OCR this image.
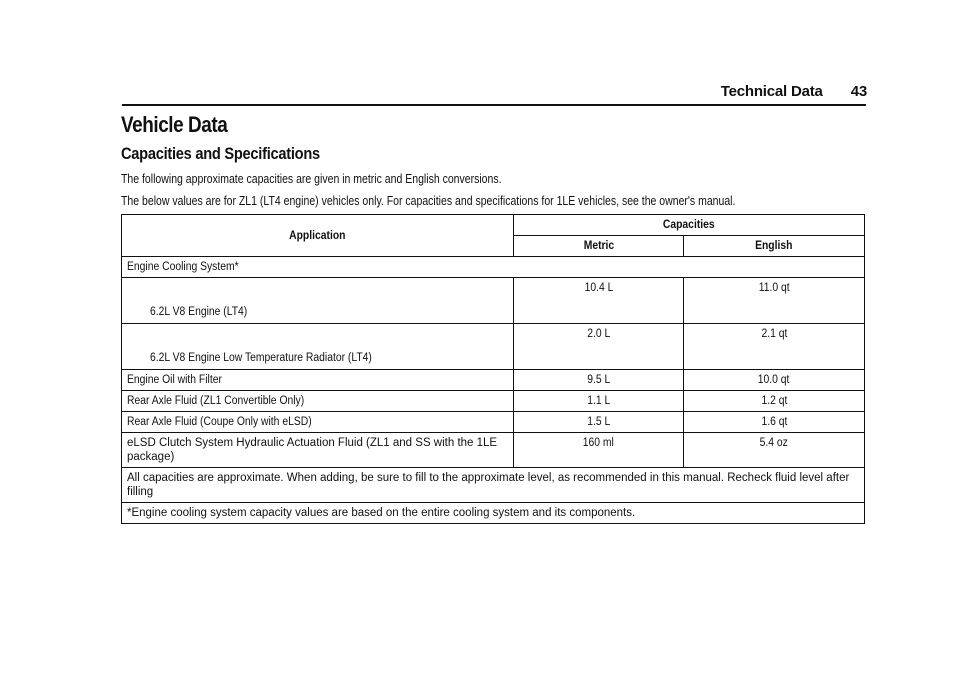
Technical Data 43
Vehicle Data
Capacities and Specifications

The following approximate capacities are given in metric and English conversions.

The below values are for ZL1 (LT4 engine) vehicles only. For capacities and specifications for 1LE vehicles, see the owner's manual.

Application	Capacities	
	Metric	English
Engine Cooling System*		
6.2L V8 Engine (LT4)	10.4 L	11.0 qt
6.2L V8 Engine Low Temperature Radiator (LT4)	2.0 L	2.1 qt
Engine Oil with Filter	9.5 L	10.0 qt
Rear Axle Fluid (ZL1 Convertible Only)	1.1 L	1.2 qt
Rear Axle Fluid (Coupe Only with eLSD)	1.5 L	1.6 qt
eLSD Clutch System Hydraulic Actuation Fluid (ZL1 and SS with the 1LE package)	160 ml	5.4 oz
All capacities are approximate. When adding, be sure to fill to the approximate level, as recommended in this manual. Recheck fluid level after filling		
*Engine cooling system capacity values are based on the entire cooling system and its components.		
